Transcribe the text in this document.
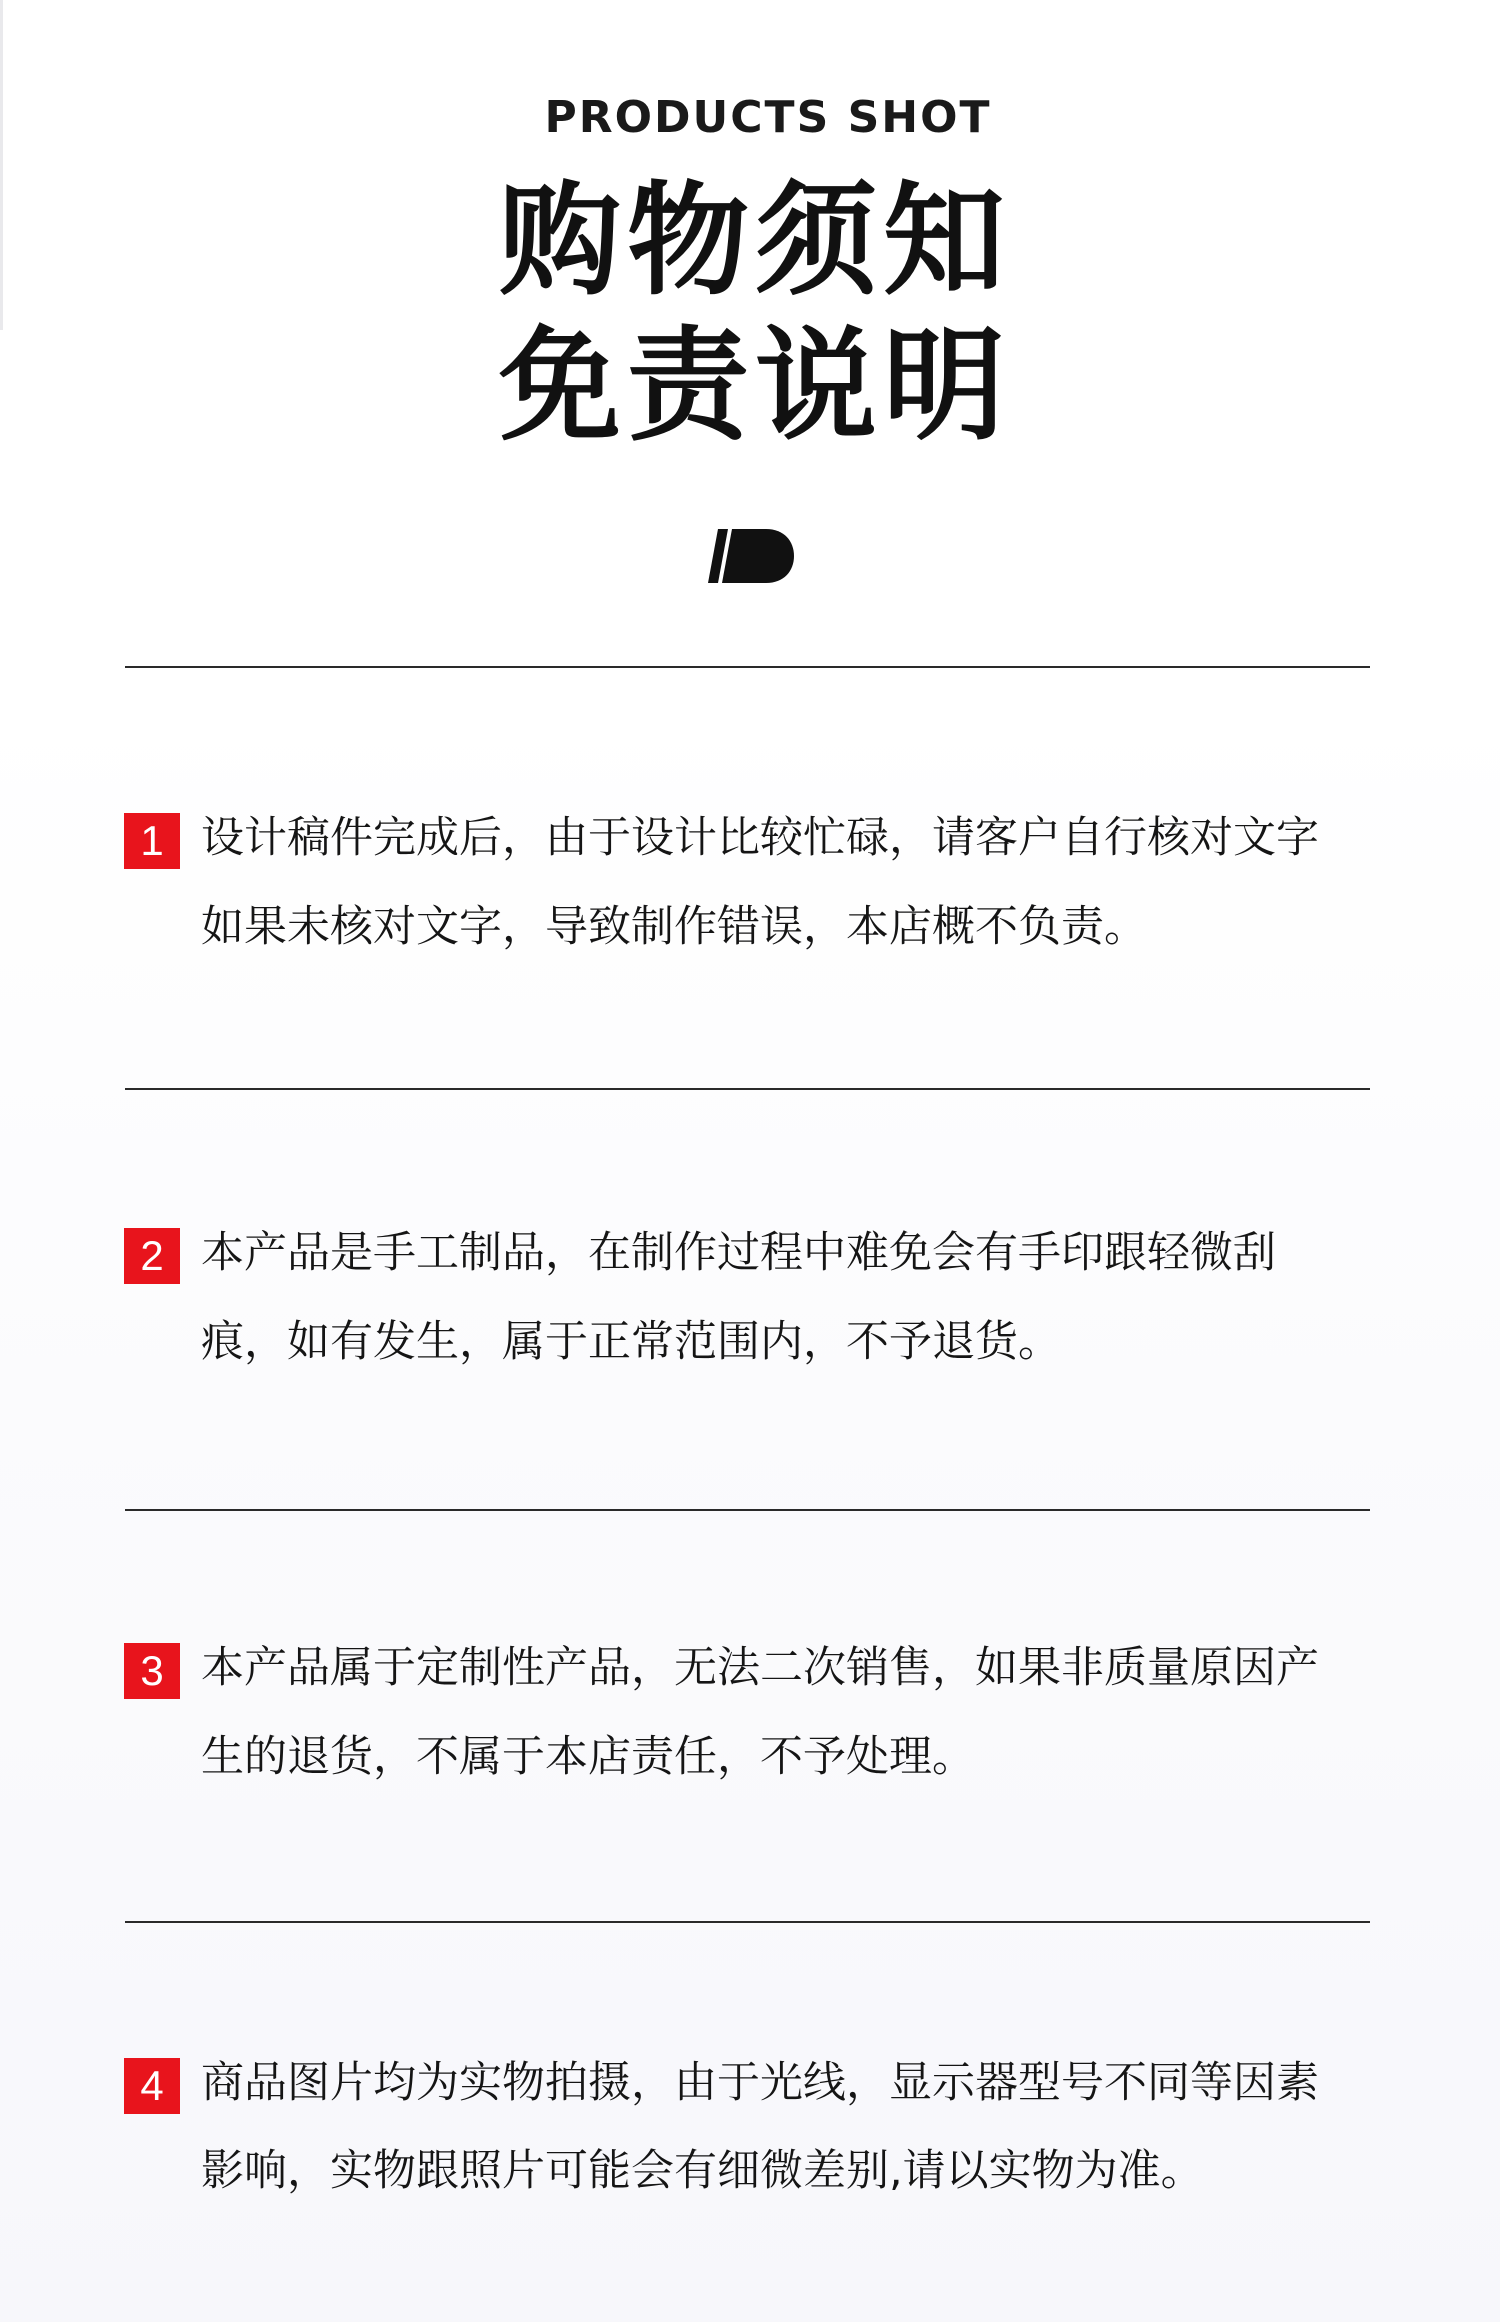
PRODUCTS SHOT
购物须知
免责说明
1 设计稿件完成后，由于设计比较忙碌，请客户自行核对文字
如果未核对文字，导致制作错误，本店概不负责。
2 本产品是手工制品，在制作过程中难免会有手印跟轻微刮
痕，如有发生，属于正常范围内，不予退货。
3 本产品属于定制性产品，无法二次销售，如果非质量原因产
生的退货，不属于本店责任，不予处理。
4 商品图片均为实物拍摄，由于光线，显示器型号不同等因素
影响，实物跟照片可能会有细微差别,请以实物为准。
